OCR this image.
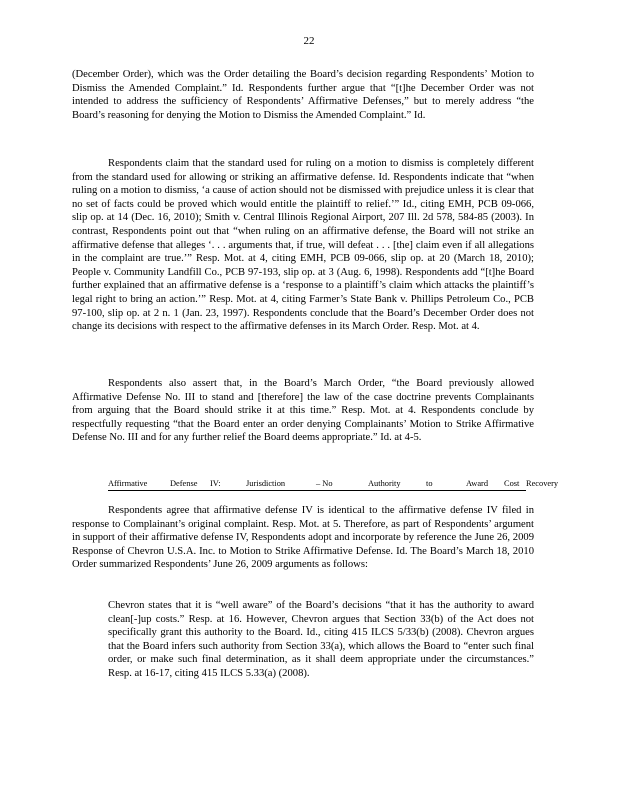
22

(December Order), which was the Order detailing the Board’s decision regarding Respondents’ Motion to Dismiss the Amended Complaint.” Id. Respondents further argue that “[t]he December Order was not intended to address the sufficiency of Respondents’ Affirmative Defenses,” but to merely address “the Board’s reasoning for denying the Motion to Dismiss the Amended Complaint.” Id.

Respondents claim that the standard used for ruling on a motion to dismiss is completely different from the standard used for allowing or striking an affirmative defense. Id. Respondents indicate that “when ruling on a motion to dismiss, ‘a cause of action should not be dismissed with prejudice unless it is clear that no set of facts could be proved which would entitle the plaintiff to relief.’” Id., citing EMH, PCB 09-066, slip op. at 14 (Dec. 16, 2010); Smith v. Central Illinois Regional Airport, 207 Ill. 2d 578, 584-85 (2003). In contrast, Respondents point out that “when ruling on an affirmative defense, the Board will not strike an affirmative defense that alleges ‘. . . arguments that, if true, will defeat . . . [the] claim even if all allegations in the complaint are true.’” Resp. Mot. at 4, citing EMH, PCB 09-066, slip op. at 20 (March 18, 2010); People v. Community Landfill Co., PCB 97-193, slip op. at 3 (Aug. 6, 1998). Respondents add “[t]he Board further explained that an affirmative defense is a ‘response to a plaintiff’s claim which attacks the plaintiff’s legal right to bring an action.’” Resp. Mot. at 4, citing Farmer’s State Bank v. Phillips Petroleum Co., PCB 97-100, slip op. at 2 n. 1 (Jan. 23, 1997). Respondents conclude that the Board’s December Order does not change its decisions with respect to the affirmative defenses in its March Order. Resp. Mot. at 4.

Respondents also assert that, in the Board’s March Order, “the Board previously allowed Affirmative Defense No. III to stand and [therefore] the law of the case doctrine prevents Complainants from arguing that the Board should strike it at this time.” Resp. Mot. at 4. Respondents conclude by respectfully requesting “that the Board enter an order denying Complainants’ Motion to Strike Affirmative Defense No. III and for any further relief the Board deems appropriate.” Id. at 4-5.

Affirmative	Defense IV:	Jurisdiction	– No	Authority	to	Award Cost Recovery

Respondents agree that affirmative defense IV is identical to the affirmative defense IV filed in response to Complainant’s original complaint. Resp. Mot. at 5. Therefore, as part of Respondents’ argument in support of their affirmative defense IV, Respondents adopt and incorporate by reference the June 26, 2009 Response of Chevron U.S.A. Inc. to Motion to Strike Affirmative Defense. Id. The Board’s March 18, 2010 Order summarized Respondents’ June 26, 2009 arguments as follows:

Chevron states that it is “well aware” of the Board’s decisions “that it has the authority to award clean[-]up costs.” Resp. at 16. However, Chevron argues that Section 33(b) of the Act does not specifically grant this authority to the Board. Id., citing 415 ILCS 5/33(b) (2008). Chevron argues that the Board infers such authority from Section 33(a), which allows the Board to “enter such final order, or make such final determination, as it shall deem appropriate under the circumstances.” Resp. at 16-17, citing 415 ILCS 5.33(a) (2008).
